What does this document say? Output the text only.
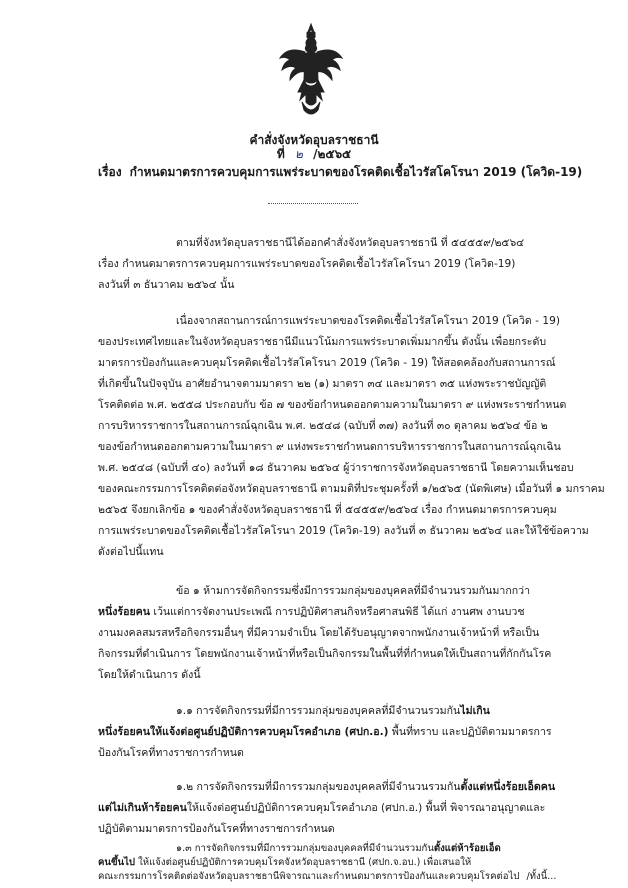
คำสั่งจังหวัดอุบลราชธานี
ที่ ๒ /๒๕๖๕
เรื่อง กำหนดมาตรการควบคุมการแพร่ระบาดของโรคติดเชื้อไวรัสโคโรนา 2019 (โควิด-19)
ตามที่จังหวัดอุบลราชธานีได้ออกคำสั่งจังหวัดอุบลราชธานี ที่ ๕๔๕๕๙/๒๕๖๔
เรื่อง กำหนดมาตรการควบคุมการแพร่ระบาดของโรคติดเชื้อไวรัสโคโรนา 2019 (โควิด-19)
ลงวันที่ ๓ ธันวาคม ๒๕๖๔ นั้น
เนื่องจากสถานการณ์การแพร่ระบาดของโรคติดเชื้อไวรัสโคโรนา 2019 (โควิด - 19)
ของประเทศไทยและในจังหวัดอุบลราชธานีมีแนวโน้มการแพร่ระบาดเพิ่มมากขึ้น ดังนั้น เพื่อยกระดับ
มาตรการป้องกันและควบคุมโรคติดเชื้อไวรัสโคโรนา 2019 (โควิด - 19) ให้สอดคล้องกับสถานการณ์
ที่เกิดขึ้นในปัจจุบัน อาศัยอำนาจตามมาตรา ๒๒ (๑) มาตรา ๓๔ และมาตรา ๓๕ แห่งพระราชบัญญัติ
โรคติดต่อ พ.ศ. ๒๕๕๘ ประกอบกับ ข้อ ๗ ของข้อกำหนดออกตามความในมาตรา ๙ แห่งพระราชกำหนด
การบริหารราชการในสถานการณ์ฉุกเฉิน พ.ศ. ๒๕๔๘ (ฉบับที่ ๓๗) ลงวันที่ ๓๐ ตุลาคม ๒๕๖๔ ข้อ ๒
ของข้อกำหนดออกตามความในมาตรา ๙ แห่งพระราชกำหนดการบริหารราชการในสถานการณ์ฉุกเฉิน
พ.ศ. ๒๕๔๘ (ฉบับที่ ๔๐) ลงวันที่ ๑๘ ธันวาคม ๒๕๖๔ ผู้ว่าราชการจังหวัดอุบลราชธานี โดยความเห็นชอบ
ของคณะกรรมการโรคติดต่อจังหวัดอุบลราชธานี ตามมติที่ประชุมครั้งที่ ๑/๒๕๖๕ (นัดพิเศษ) เมื่อวันที่ ๑ มกราคม
๒๕๖๕ จึงยกเลิกข้อ ๑ ของคำสั่งจังหวัดอุบลราชธานี ที่ ๕๔๕๕๙/๒๕๖๔ เรื่อง กำหนดมาตรการควบคุม
การแพร่ระบาดของโรคติดเชื้อไวรัสโคโรนา 2019 (โควิด-19) ลงวันที่ ๓ ธันวาคม ๒๕๖๔ และให้ใช้ข้อความ
ดังต่อไปนี้แทน
ข้อ ๑ ห้ามการจัดกิจกรรมซึ่งมีการรวมกลุ่มของบุคคลที่มีจำนวนรวมกันมากกว่า
หนึ่งร้อยคน เว้นแต่การจัดงานประเพณี การปฏิบัติศาสนกิจหรือศาสนพิธี ได้แก่ งานศพ งานบวช
งานมงคลสมรสหรือกิจกรรมอื่นๆ ที่มีความจำเป็น โดยได้รับอนุญาตจากพนักงานเจ้าหน้าที่ หรือเป็น
กิจกรรมที่ดำเนินการ โดยพนักงานเจ้าหน้าที่หรือเป็นกิจกรรมในพื้นที่ที่กำหนดให้เป็นสถานที่กักกันโรค
โดยให้ดำเนินการ ดังนี้
๑.๑ การจัดกิจกรรมที่มีการรวมกลุ่มของบุคคลที่มีจำนวนรวมกันไม่เกิน
หนึ่งร้อยคนให้แจ้งต่อศูนย์ปฏิบัติการควบคุมโรคอำเภอ (ศปก.อ.) พื้นที่ทราบ และปฏิบัติตามมาตรการ
ป้องกันโรคที่ทางราชการกำหนด
๑.๒ การจัดกิจกรรมที่มีการรวมกลุ่มของบุคคลที่มีจำนวนรวมกันตั้งแต่หนึ่งร้อยเอ็ดคน
แต่ไม่เกินห้าร้อยคนให้แจ้งต่อศูนย์ปฏิบัติการควบคุมโรคอำเภอ (ศปก.อ.) พื้นที่ พิจารณาอนุญาตและ
ปฏิบัติตามมาตรการป้องกันโรคที่ทางราชการกำหนด
๑.๓ การจัดกิจกรรมที่มีการรวมกลุ่มของบุคคลที่มีจำนวนรวมกันตั้งแต่ห้าร้อยเอ็ด
คนขึ้นไป ให้แจ้งต่อศูนย์ปฏิบัติการควบคุมโรคจังหวัดอุบลราชธานี (ศปก.จ.อบ.) เพื่อเสนอให้
คณะกรรมการโรคติดต่อจังหวัดอุบลราชธานีพิจารณาและกำหนดมาตรการป้องกันและควบคุมโรคต่อไป /ทั้งนี้...
